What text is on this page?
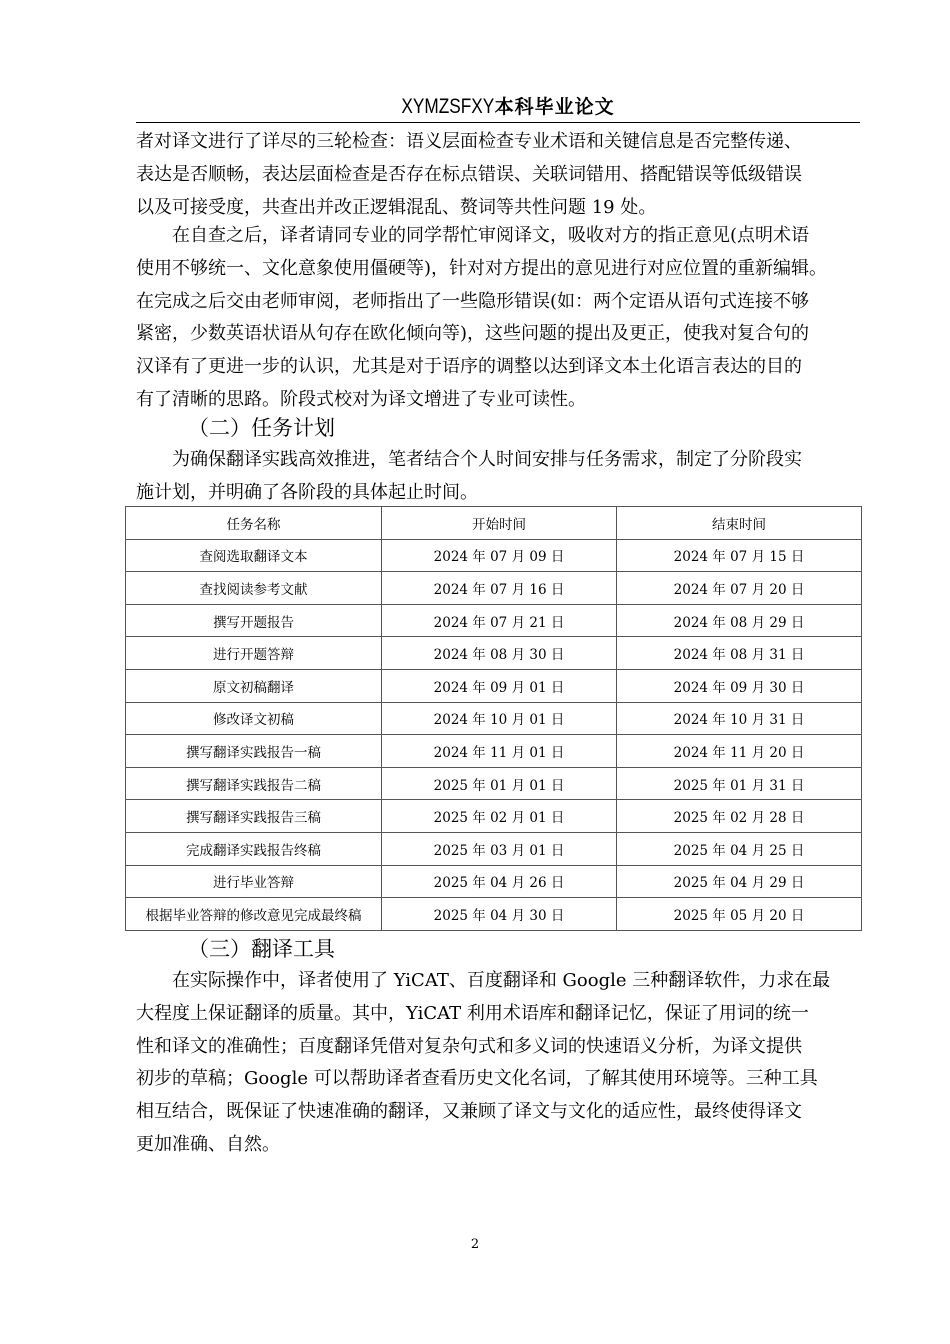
XYMZSFXY本科毕业论文
者对译文进行了详尽的三轮检查：语义层面检查专业术语和关键信息是否完整传递、
表达是否顺畅，表达层面检查是否存在标点错误、关联词错用、搭配错误等低级错误
以及可接受度，共查出并改正逻辑混乱、赘词等共性问题 19 处。
　　在自查之后，译者请同专业的同学帮忙审阅译文，吸收对方的指正意见(点明术语
使用不够统一、文化意象使用僵硬等)，针对对方提出的意见进行对应位置的重新编辑。
在完成之后交由老师审阅，老师指出了一些隐形错误(如：两个定语从语句式连接不够
紧密，少数英语状语从句存在欧化倾向等)，这些问题的提出及更正，使我对复合句的
汉译有了更进一步的认识，尤其是对于语序的调整以达到译文本土化语言表达的目的
有了清晰的思路。阶段式校对为译文增进了专业可读性。
（二）任务计划
　　为确保翻译实践高效推进，笔者结合个人时间安排与任务需求，制定了分阶段实
施计划，并明确了各阶段的具体起止时间。
任务名称	开始时间	结束时间
查阅选取翻译文本	2024 年 07 月 09 日	2024 年 07 月 15 日
查找阅读参考文献	2024 年 07 月 16 日	2024 年 07 月 20 日
撰写开题报告	2024 年 07 月 21 日	2024 年 08 月 29 日
进行开题答辩	2024 年 08 月 30 日	2024 年 08 月 31 日
原文初稿翻译	2024 年 09 月 01 日	2024 年 09 月 30 日
修改译文初稿	2024 年 10 月 01 日	2024 年 10 月 31 日
撰写翻译实践报告一稿	2024 年 11 月 01 日	2024 年 11 月 20 日
撰写翻译实践报告二稿	2025 年 01 月 01 日	2025 年 01 月 31 日
撰写翻译实践报告三稿	2025 年 02 月 01 日	2025 年 02 月 28 日
完成翻译实践报告终稿	2025 年 03 月 01 日	2025 年 04 月 25 日
进行毕业答辩	2025 年 04 月 26 日	2025 年 04 月 29 日
根据毕业答辩的修改意见完成最终稿	2025 年 04 月 30 日	2025 年 05 月 20 日
（三）翻译工具
　　在实际操作中，译者使用了 YiCAT、百度翻译和 Google 三种翻译软件，力求在最
大程度上保证翻译的质量。其中，YiCAT 利用术语库和翻译记忆，保证了用词的统一
性和译文的准确性；百度翻译凭借对复杂句式和多义词的快速语义分析，为译文提供
初步的草稿；Google 可以帮助译者查看历史文化名词，了解其使用环境等。三种工具
相互结合，既保证了快速准确的翻译，又兼顾了译文与文化的适应性，最终使得译文
更加准确、自然。
2
